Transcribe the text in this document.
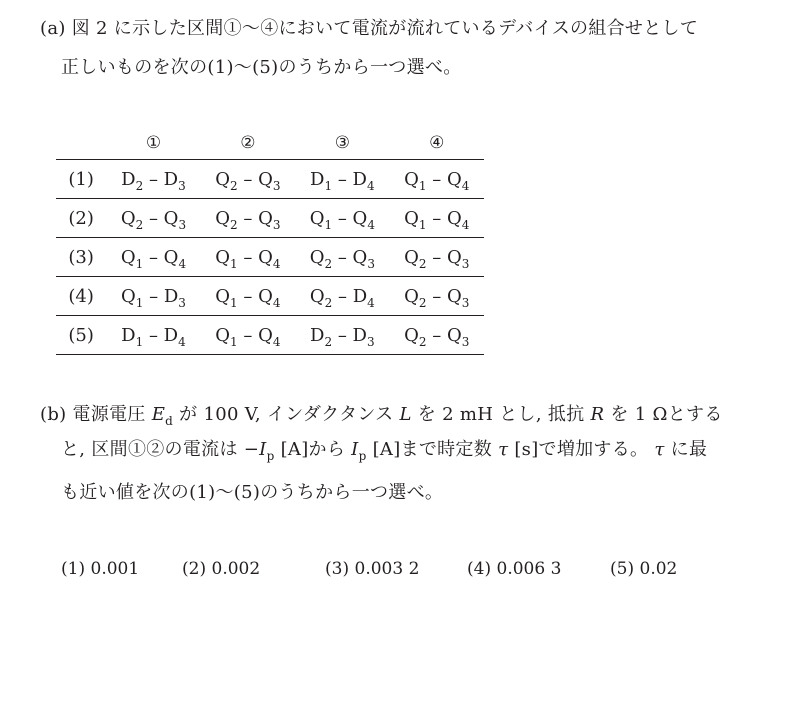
(a) 図 2 に示した区間①～④において電流が流れているデバイスの組合せとして
正しいものを次の(1)～(5)のうちから一つ選べ。
	①	②	③	④
(1)	$D_2 - D_3$	$Q_2 - Q_3$	$D_1 - D_4$	$Q_1 - Q_4$
(2)	$Q_2 - Q_3$	$Q_2 - Q_3$	$Q_1 - Q_4$	$Q_1 - Q_4$
(3)	$Q_1 - Q_4$	$Q_1 - Q_4$	$Q_2 - Q_3$	$Q_2 - Q_3$
(4)	$Q_1 - D_3$	$Q_1 - Q_4$	$Q_2 - D_4$	$Q_2 - Q_3$
(5)	$D_1 - D_4$	$Q_1 - Q_4$	$D_2 - D_3$	$Q_2 - Q_3$
(b) 電源電圧 $E_d$ が 100 V, インダクタンス L を 2 mH とし, 抵抗 R を 1 Ωとする
と, 区間①②の電流は $-I_p$ [A]から $I_p$ [A]まで時定数 τ [s]で増加する。 τ に最
も近い値を次の(1)～(5)のうちから一つ選べ。
(1) 0.001	(2) 0.002	(3) 0.003 2	(4) 0.006 3	(5) 0.02
